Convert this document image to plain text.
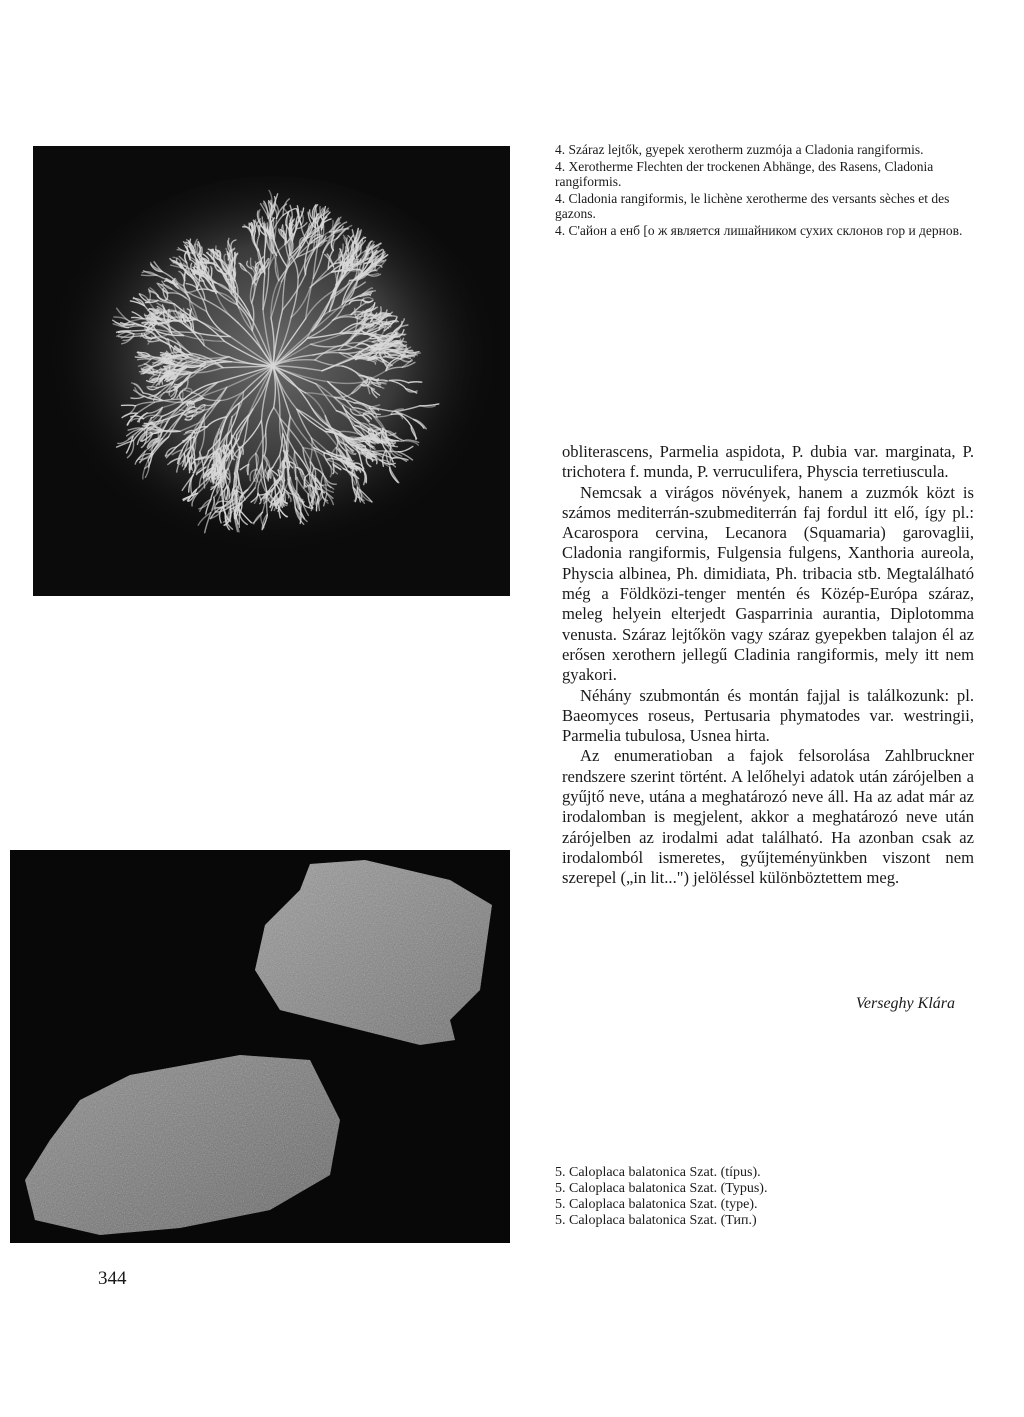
4. Száraz lejtők, gyepek xerotherm zuzmója a Cladonia rangiformis.

4. Xerotherme Flechten der trockenen Abhänge, des Rasens, Cladonia rangiformis.

4. Cladonia rangiformis, le lichène xerotherme des versants sèches et des gazons.

4. C'айон а енб [о ж является лишайником сухих склонов гор и дернов.

obliterascens, Parmelia aspidota, P. dubia var. marginata, P. trichotera f. munda, P. verruculifera, Physcia terretiuscula.

Nemcsak a virágos növények, hanem a zuzmók közt is számos mediterrán-szubmediterrán faj fordul itt elő, így pl.: Acarospora cervina, Lecanora (Squamaria) garovaglii, Cladonia rangiformis, Fulgensia fulgens, Xanthoria aureola, Physcia albinea, Ph. dimidiata, Ph. tribacia stb. Megtalálható még a Földközi-tenger mentén és Közép-Európa száraz, meleg helyein elterjedt Gasparrinia aurantia, Diplotomma venusta. Száraz lejtőkön vagy száraz gyepekben talajon él az erősen xerothern jellegű Cladinia rangiformis, mely itt nem gyakori.

Néhány szubmontán és montán fajjal is találkozunk: pl. Baeomyces roseus, Pertusaria phymatodes var. westringii, Parmelia tubulosa, Usnea hirta.

Az enumeratioban a fajok felsorolása Zahlbruckner rendszere szerint történt. A lelőhelyi adatok után zárójelben a gyűjtő neve, utána a meghatározó neve áll. Ha az adat már az irodalomban is megjelent, akkor a meghatározó neve után zárójelben az irodalmi adat található. Ha azonban csak az irodalomból ismeretes, gyűjteményünkben viszont nem szerepel („in lit...") jelöléssel különböztettem meg.

Verseghy Klára

5. Caloplaca balatonica Szat. (típus).

5. Caloplaca balatonica Szat. (Typus).

5. Caloplaca balatonica Szat. (type).

5. Caloplaca balatonica Szat. (Тип.)

344
